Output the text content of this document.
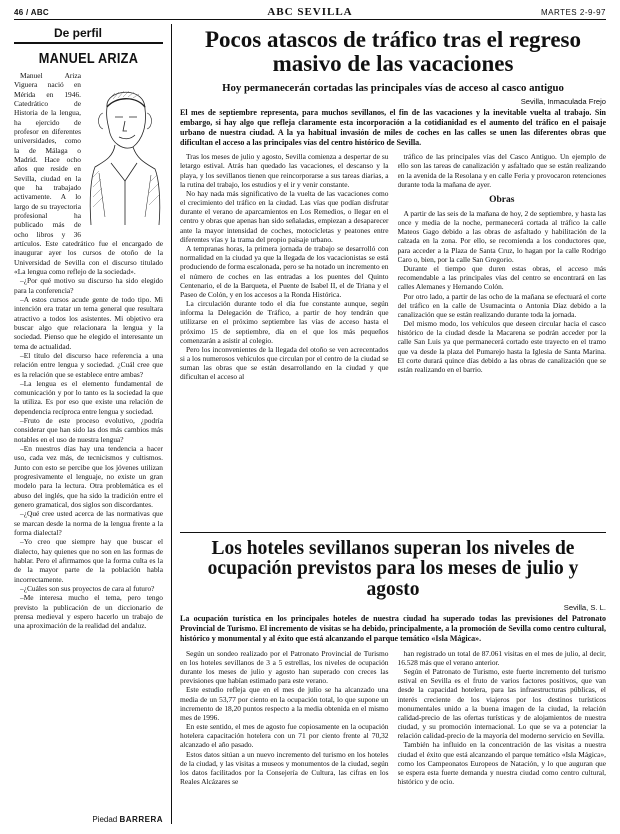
46 / ABC	ABC SEVILLA	MARTES 2-9-97
De perfil
MANUEL ARIZA

Manuel Ariza Viguera nació en Mérida en 1946. Catedrático de Historia de la lengua, ha ejercido de profesor en diferentes universidades, como la de Málaga o Madrid. Hace ocho años que reside en Sevilla, ciudad en la que ha trabajado activamente. A lo largo de su trayectoria profesional ha publicado más de ocho libros y 36 artículos. Este catedrático fue el encargado de inaugurar ayer los cursos de otoño de la Universidad de Sevilla con el discurso titulado «La lengua como reflejo de la sociedad».

–¿Por qué motivo su discurso ha sido elegido para la conferencia?

–A estos cursos acude gente de todo tipo. Mi intención era tratar un tema general que resultara atractivo a todos los asistentes. Mi objetivo era buscar algo que relacionara la lengua y la sociedad. Pienso que he elegido el interesante un tema de actualidad.

–El título del discurso hace referencia a una relación entre lengua y sociedad. ¿Cuál cree que es la relación que se establece entre ambas?

–La lengua es el elemento fundamental de comunicación y por lo tanto es la sociedad la que la utiliza. Es por eso que existe una relación de dependencia recíproca entre lengua y sociedad.

–Fruto de este proceso evolutivo, ¿podría considerar que han sido las dos más cambios más notables en el uso de nuestra lengua?

–En nuestros días hay una tendencia a hacer uso, cada vez más, de tecnicismos y cultismos. Junto con esto se percibe que los jóvenes utilizan progresivamente el lenguaje, no existe un gran modelo para la lectura. Otra problemática es el abuso del inglés, que ha sido la tradición entre el genero gramatical, dos siglos son discordantes.

–¿Qué cree usted acerca de las normativas que se marcan desde la norma de la lengua frente a la forma dialectal?

–Yo creo que siempre hay que buscar el dialecto, hay quienes que no son en las formas de hablar. Pero el afirmamos que la forma culta es la de la mayor parte de la población habla incorrectamente.

–¿Cuáles son sus proyectos de cara al futuro?

–Me interesa mucho el tema, pero tengo previsto la publicación de un diccionario de prensa medieval y espero hacerlo un trabajo de una aproximación de la realidad del andaluz.

Piedad BARRERA
Pocos atascos de tráfico tras el regreso masivo de las vacaciones
Hoy permanecerán cortadas las principales vías de acceso al casco antiguo
Sevilla, Inmaculada Frejo
El mes de septiembre representa, para muchos sevillanos, el fin de las vacaciones y la inevitable vuelta al trabajo. Sin embargo, si hay algo que refleja claramente esta incorporación a la cotidianidad es el aumento del tráfico en el paisaje urbano de nuestra ciudad. A la ya habitual invasión de miles de coches en las calles se unen las diferentes obras que dificultan el acceso a las principales vías del centro histórico de Sevilla.

Tras los meses de julio y agosto, Sevilla comienza a despertar de su letargo estival. Atrás han quedado las vacaciones, el descanso y la playa, y los sevillanos tienen que reincorporarse a sus tareas diarias, a la rutina del trabajo, los estudios y el ir y venir constante.

No hay nada más significativo de la vuelta de las vacaciones como el crecimiento del tráfico en la ciudad. Las vías que podían disfrutar durante el verano de aparcamientos en Los Remedios, o llegar en el centro y obras que apenas han sido señaladas, empiezan a desaparecer ante la mayor intensidad de coches, motocicletas y peatones entre diferentes vías y la trama del propio paisaje urbano.

A tempranas horas, la primera jornada de trabajo se desarrolló con normalidad en la ciudad ya que la llegada de los vacacionistas se está produciendo de forma escalonada, pero se ha notado un incremento en el número de coches en las entradas a los puentes del Quinto Centenario, el de la Barqueta, el Puente de Isabel II, el de Triana y el Paseo de Colón, y en los accesos a la Ronda Histórica.

La circulación durante todo el día fue constante aunque, según informa la Delegación de Tráfico, a partir de hoy tendrán que utilizarse en el próximo septiembre las vías de acceso hasta el próximo 15 de septiembre, día en el que los más pequeños comenzarán a asistir al colegio.

Pero los inconvenientes de la llegada del otoño se ven acrecentados si a los numerosos vehículos que circulan por el centro de la ciudad se suman las obras que se están desarrollando en la ciudad y que dificultan el acceso al

tráfico de las principales vías del Casco Antiguo. Un ejemplo de ello son las tareas de canalización y asfaltado que se están realizando en la avenida de la Resolana y en calle Feria y provocaron retenciones durante toda la mañana de ayer.

Obras

A partir de las seis de la mañana de hoy, 2 de septiembre, y hasta las once y media de la noche, permanecerá cortada al tráfico la calle Mateos Gago debido a las obras de asfaltado y habilitación de la calzada en la zona. Por ello, se recomienda a los conductores que, para acceder a la Plaza de Santa Cruz, lo hagan por la calle Rodrigo Caro o, bien, por la calle San Gregorio.

Durante el tiempo que duren estas obras, el acceso más recomendable a las principales vías del centro se encontrará en las calles Alemanes y Hernando Colón.

Por otro lado, a partir de las ocho de la mañana se efectuará el corte del tráfico en la calle de Usumacinta o Antonia Díaz debido a la canalización que se están realizando durante toda la jornada.

Del mismo modo, los vehículos que deseen circular hacia el casco histórico de la ciudad desde la Macarena se podrán acceder por la calle San Luis ya que permanecerá cortado este trayecto en el tramo que va desde la plaza del Pumarejo hasta la Iglesia de Santa Marina. El corte durará quince días debido a las obras de canalización que se están realizando en el barrio.

Los hoteles sevillanos superan los niveles de ocupación previstos para los meses de julio y agosto
Sevilla, S. L.
La ocupación turística en los principales hoteles de nuestra ciudad ha superado todas las previsiones del Patronato Provincial de Turismo. El incremento de visitas se ha debido, principalmente, a la promoción de Sevilla como centro cultural, histórico y monumental y al éxito que está alcanzando el parque temático «Isla Mágica».

Según un sondeo realizado por el Patronato Provincial de Turismo en los hoteles sevillanos de 3 a 5 estrellas, los niveles de ocupación durante los meses de julio y agosto han superado con creces las previsiones que habían estimado para este verano.

Este estudio refleja que en el mes de julio se ha alcanzado una media de un 53,77 por ciento en la ocupación total, lo que supone un incremento de 18,20 puntos respecto a la media obtenida en el mismo mes de 1996.

En este sentido, el mes de agosto fue copiosamente en la ocupación hotelera capacitación hotelera con un 71 por ciento frente al 70,32 alcanzado el año pasado.

Estos datos sitúan a un nuevo incremento del turismo en los hoteles de la ciudad, y las visitas a museos y monumentos de la ciudad, según los datos facilitados por la Consejería de Cultura, las cifras en los Reales Alcázares se

han registrado un total de 87.061 visitas en el mes de julio, al decir, 16.528 más que el verano anterior.

Según el Patronato de Turismo, este fuerte incremento del turismo estival en Sevilla es el fruto de varios factores positivos, que van desde la capacidad hotelera, para las infraestructuras públicas, el interés creciente de los viajeros por los destinos turísticos monumentales unido a la buena imagen de la ciudad, la relación calidad-precio de las ofertas turísticas y de alojamientos de nuestra ciudad, y su promoción internacional. Lo que se va a potenciar la relación calidad-precio de la mayoría del moderno servicio en Sevilla.

También ha influido en la concentración de las visitas a nuestra ciudad el éxito que está alcanzando el parque temático «Isla Mágica», como los Campeonatos Europeos de Natación, y lo que auguran que se espera esta fuerte demanda y nuestra ciudad como centro cultural, histórico y de ocio.
